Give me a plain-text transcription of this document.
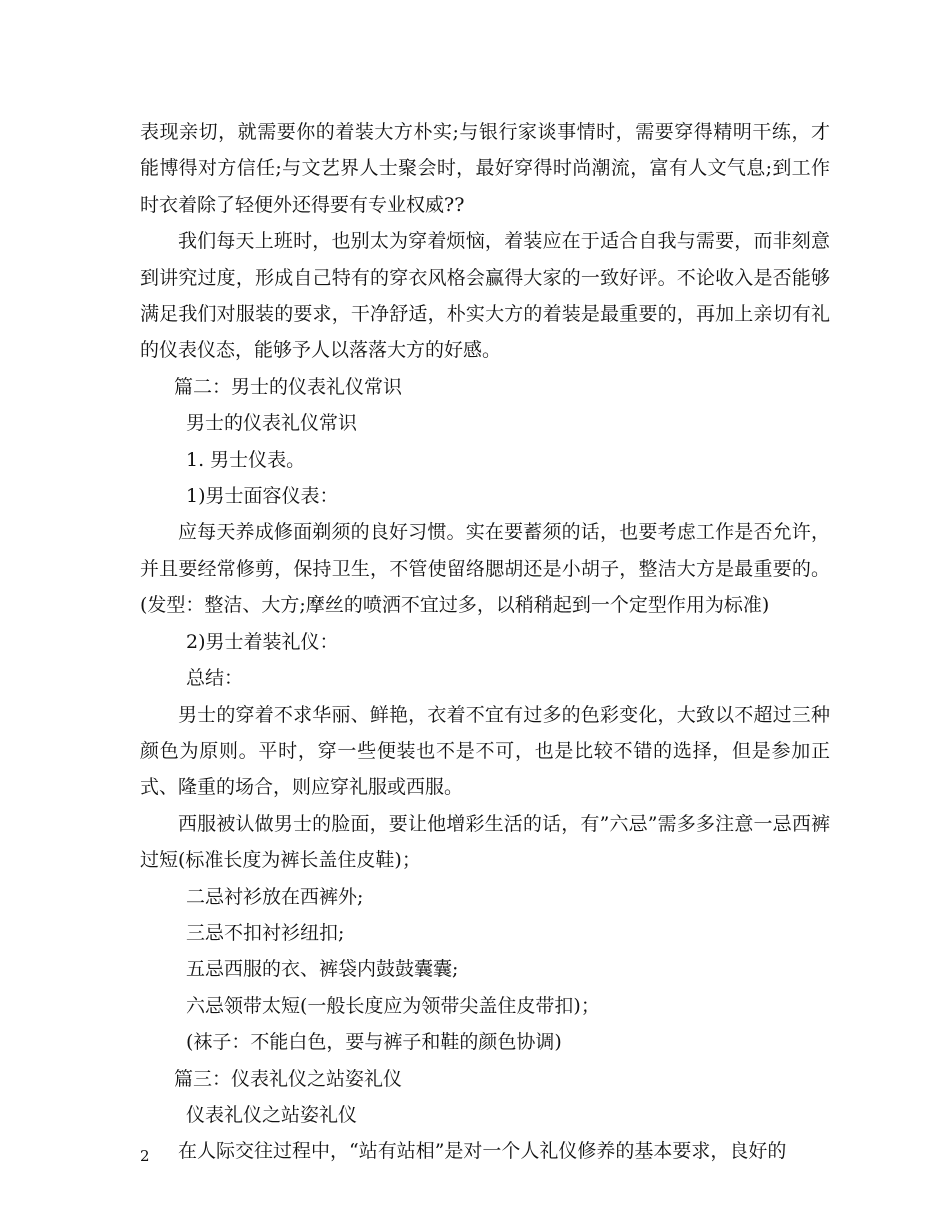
表现亲切，就需要你的着装大方朴实;与银行家谈事情时，需要穿得精明干练，才能博得对方信任;与文艺界人士聚会时，最好穿得时尚潮流，富有人文气息;到工作时衣着除了轻便外还得要有专业权威??

我们每天上班时，也别太为穿着烦恼，着装应在于适合自我与需要，而非刻意到讲究过度，形成自己特有的穿衣风格会赢得大家的一致好评。不论收入是否能够满足我们对服装的要求，干净舒适，朴实大方的着装是最重要的，再加上亲切有礼的仪表仪态，能够予人以落落大方的好感。

篇二：男士的仪表礼仪常识

男士的仪表礼仪常识

1. 男士仪表。

1)男士面容仪表：

应每天养成修面剃须的良好习惯。实在要蓄须的话，也要考虑工作是否允许，并且要经常修剪，保持卫生，不管使留络腮胡还是小胡子，整洁大方是最重要的。(发型：整洁、大方;摩丝的喷洒不宜过多，以稍稍起到一个定型作用为标准)

2)男士着装礼仪：

总结：

男士的穿着不求华丽、鲜艳，衣着不宜有过多的色彩变化，大致以不超过三种颜色为原则。平时，穿一些便装也不是不可，也是比较不错的选择，但是参加正式、隆重的场合，则应穿礼服或西服。

西服被认做男士的脸面，要让他增彩生活的话，有”六忌”需多多注意一忌西裤过短(标准长度为裤长盖住皮鞋)；

二忌衬衫放在西裤外;

三忌不扣衬衫纽扣;

五忌西服的衣、裤袋内鼓鼓囊囊;

六忌领带太短(一般长度应为领带尖盖住皮带扣)；

(袜子：不能白色，要与裤子和鞋的颜色协调)

篇三：仪表礼仪之站姿礼仪

仪表礼仪之站姿礼仪

在人际交往过程中，“站有站相”是对一个人礼仪修养的基本要求，良好的

2
